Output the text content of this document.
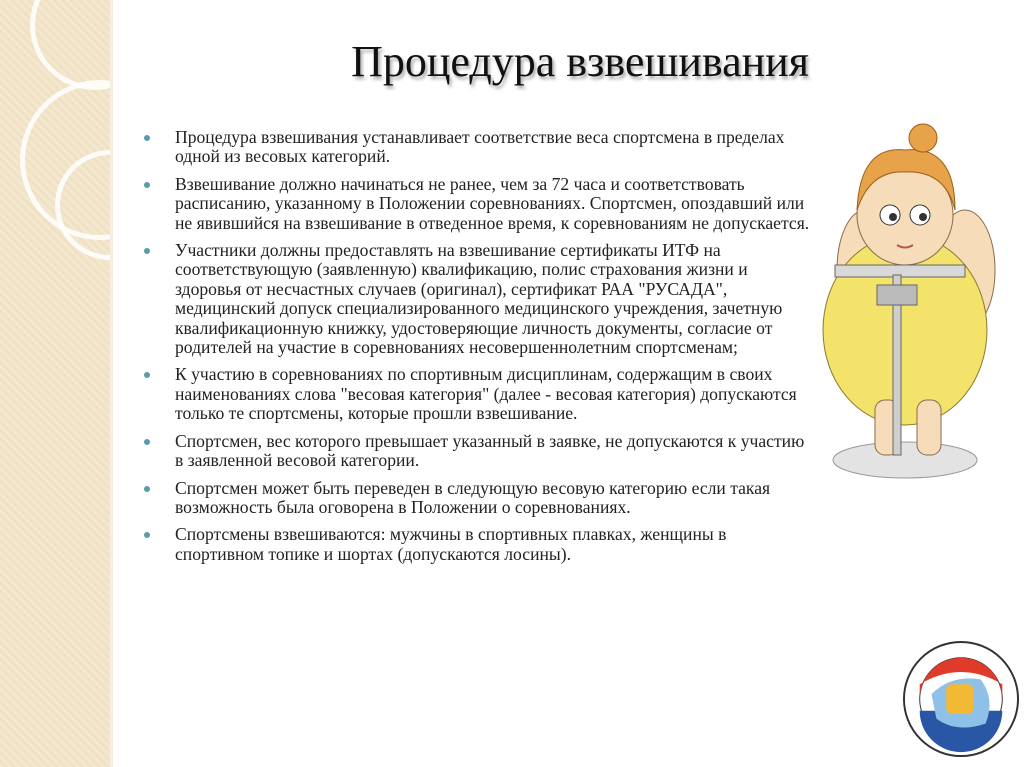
Процедура взвешивания
Процедура взвешивания устанавливает соответствие веса спортсмена в пределах одной из весовых категорий.
Взвешивание должно начинаться не ранее, чем за 72 часа и соответствовать расписанию, указанному в Положении соревнованиях. Спортсмен, опоздавший или не явившийся на взвешивание в отведенное время, к соревнованиям не допускается.
Участники должны предоставлять на взвешивание сертификаты ИТФ на соответствующую (заявленную) квалификацию, полис страхования жизни и здоровья от несчастных случаев (оригинал), сертификат РАА "РУСАДА", медицинский допуск специализированного медицинского учреждения, зачетную квалификационную книжку, удостоверяющие личность документы, согласие от родителей на участие в соревнованиях несовершеннолетним спортсменам;
К участию в соревнованиях по спортивным дисциплинам, содержащим в своих наименованиях слова "весовая категория" (далее - весовая категория) допускаются только те спортсмены, которые прошли взвешивание.
Спортсмен, вес которого превышает указанный в заявке, не допускаются к участию в заявленной весовой категории.
Спортсмен может быть переведен в следующую весовую категорию если такая возможность была оговорена в Положении о соревнованиях.
Спортсмены взвешиваются: мужчины в спортивных плавках, женщины в спортивном топике и шортах (допускаются лосины).
